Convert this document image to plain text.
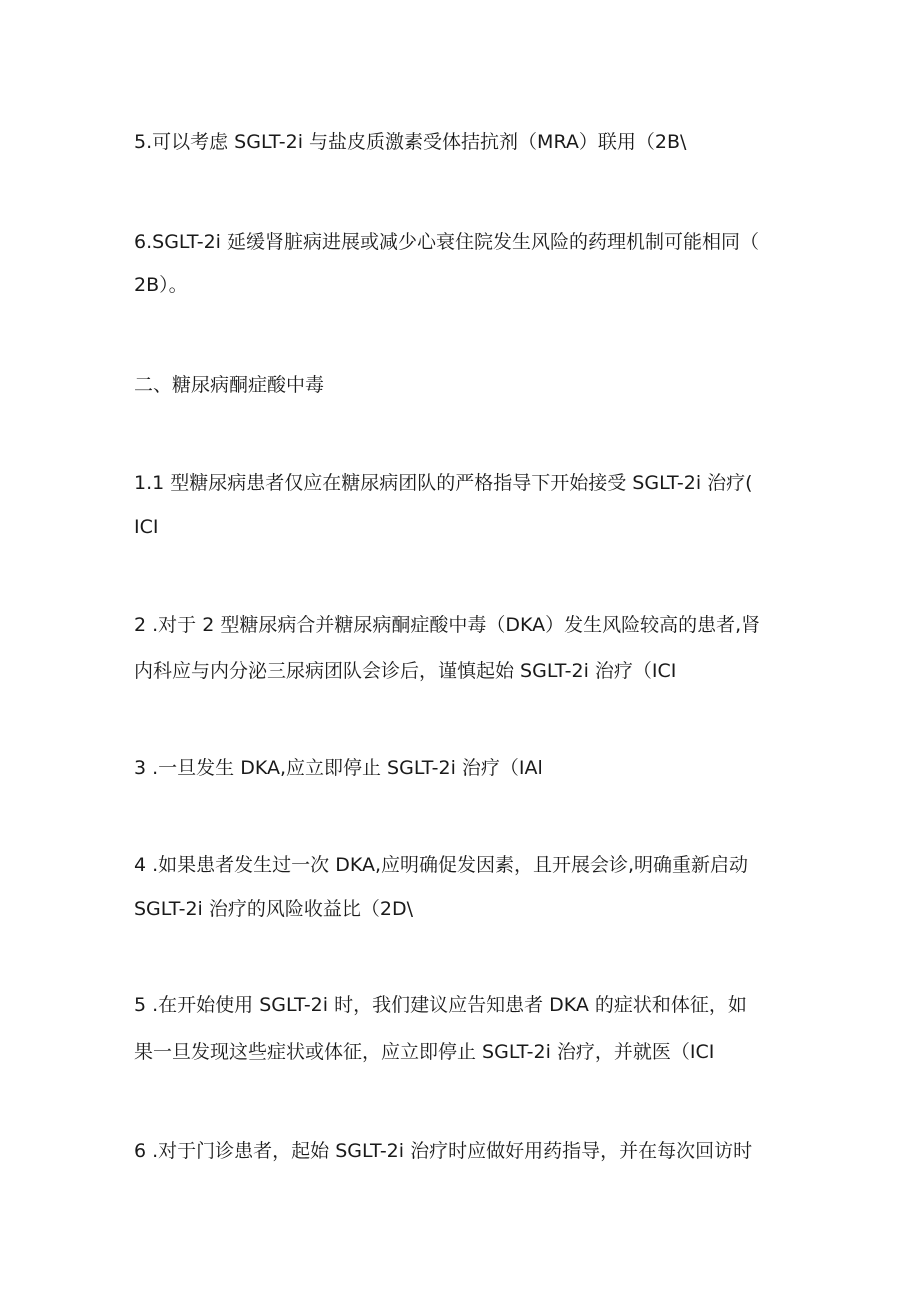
5.可以考虑 SGLT-2i 与盐皮质激素受体拮抗剂（MRA）联用（2B\
6.SGLT-2i 延缓肾脏病进展或减少心衰住院发生风险的药理机制可能相同（
2B）。
二、糖尿病酮症酸中毒
1.1 型糖尿病患者仅应在糖尿病团队的严格指导下开始接受 SGLT-2i 治疗(
ICI
2 .对于 2 型糖尿病合并糖尿病酮症酸中毒（DKA）发生风险较高的患者,肾
内科应与内分泌三尿病团队会诊后，谨慎起始 SGLT-2i 治疗（ICI
3 .一旦发生 DKA,应立即停止 SGLT-2i 治疗（IAl
4 .如果患者发生过一次 DKA,应明确促发因素，且开展会诊,明确重新启动
SGLT-2i 治疗的风险收益比（2D\
5 .在开始使用 SGLT-2i 时，我们建议应告知患者 DKA 的症状和体征，如
果一旦发现这些症状或体征，应立即停止 SGLT-2i 治疗，并就医（ICI
6 .对于门诊患者，起始 SGLT-2i 治疗时应做好用药指导，并在每次回访时
